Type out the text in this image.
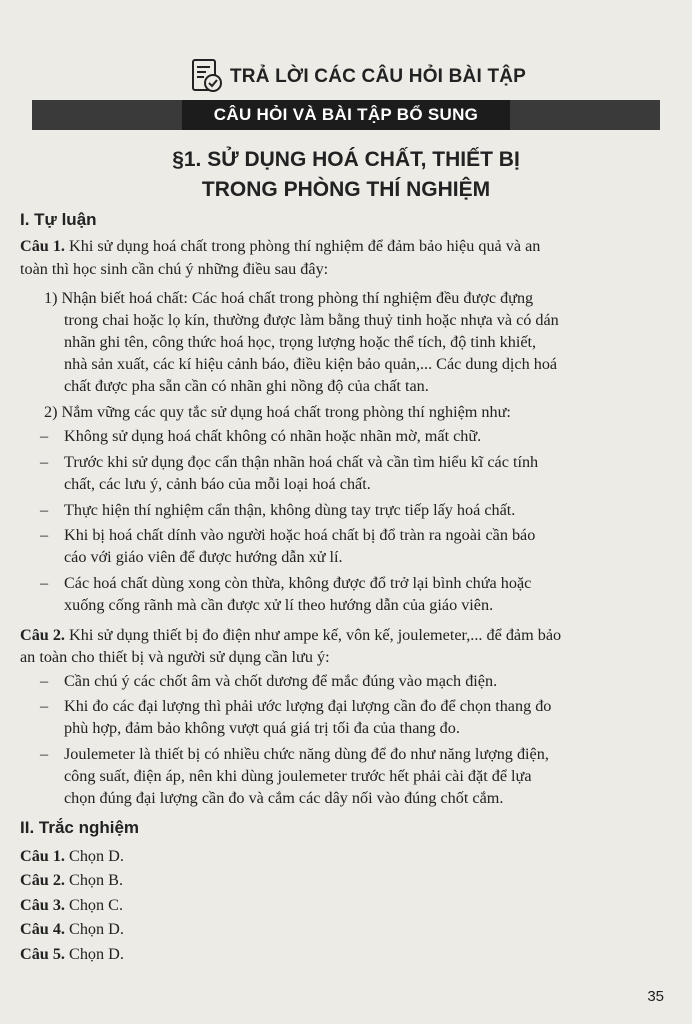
TRẢ LỜI CÁC CÂU HỎI BÀI TẬP
CÂU HỎI VÀ BÀI TẬP BỔ SUNG
§1. SỬ DỤNG HOÁ CHẤT, THIẾT BỊ
TRONG PHÒNG THÍ NGHIỆM
I. Tự luận
Câu 1. Khi sử dụng hoá chất trong phòng thí nghiệm để đảm bảo hiệu quả và an
toàn thì học sinh cần chú ý những điều sau đây:
1) Nhận biết hoá chất: Các hoá chất trong phòng thí nghiệm đều được đựng
trong chai hoặc lọ kín, thường được làm bằng thuỷ tinh hoặc nhựa và có dán
nhãn ghi tên, công thức hoá học, trọng lượng hoặc thể tích, độ tinh khiết,
nhà sản xuất, các kí hiệu cảnh báo, điều kiện bảo quản,... Các dung dịch hoá
chất được pha sẵn cần có nhãn ghi nồng độ của chất tan.
2) Nắm vững các quy tắc sử dụng hoá chất trong phòng thí nghiệm như:
– Không sử dụng hoá chất không có nhãn hoặc nhãn mờ, mất chữ.
– Trước khi sử dụng đọc cẩn thận nhãn hoá chất và cần tìm hiểu kĩ các tính
chất, các lưu ý, cảnh báo của mỗi loại hoá chất.
– Thực hiện thí nghiệm cẩn thận, không dùng tay trực tiếp lấy hoá chất.
– Khi bị hoá chất dính vào người hoặc hoá chất bị đổ tràn ra ngoài cần báo
cáo với giáo viên để được hướng dẫn xử lí.
– Các hoá chất dùng xong còn thừa, không được đổ trở lại bình chứa hoặc
xuống cống rãnh mà cần được xử lí theo hướng dẫn của giáo viên.
Câu 2. Khi sử dụng thiết bị đo điện như ampe kế, vôn kế, joulemeter,... để đảm bảo
an toàn cho thiết bị và người sử dụng cần lưu ý:
– Cần chú ý các chốt âm và chốt dương để mắc đúng vào mạch điện.
– Khi đo các đại lượng thì phải ước lượng đại lượng cần đo để chọn thang đo
phù hợp, đảm bảo không vượt quá giá trị tối đa của thang đo.
– Joulemeter là thiết bị có nhiều chức năng dùng để đo như năng lượng điện,
công suất, điện áp, nên khi dùng joulemeter trước hết phải cài đặt để lựa
chọn đúng đại lượng cần đo và cắm các dây nối vào đúng chốt cắm.
II. Trắc nghiệm
Câu 1. Chọn D.
Câu 2. Chọn B.
Câu 3. Chọn C.
Câu 4. Chọn D.
Câu 5. Chọn D.
35
